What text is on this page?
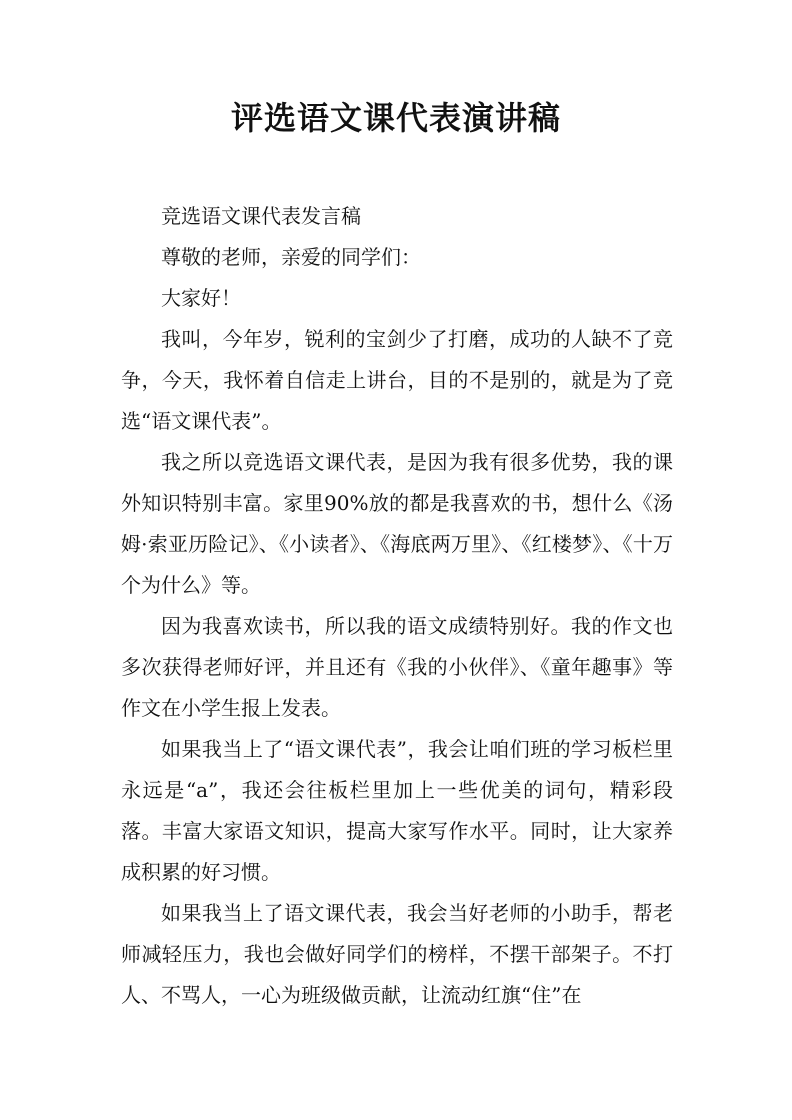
评选语文课代表演讲稿

竞选语文课代表发言稿

尊敬的老师，亲爱的同学们：

大家好！

我叫，今年岁，锐利的宝剑少了打磨，成功的人缺不了竞争，今天，我怀着自信走上讲台，目的不是别的，就是为了竞选“语文课代表”。

我之所以竞选语文课代表，是因为我有很多优势，我的课外知识特别丰富。家里90%放的都是我喜欢的书，想什么《汤姆·索亚历险记》、《小读者》、《海底两万里》、《红楼梦》、《十万个为什么》等。

因为我喜欢读书，所以我的语文成绩特别好。我的作文也多次获得老师好评，并且还有《我的小伙伴》、《童年趣事》等作文在小学生报上发表。

如果我当上了“语文课代表”，我会让咱们班的学习板栏里永远是“a”，我还会往板栏里加上一些优美的词句，精彩段落。丰富大家语文知识，提高大家写作水平。同时，让大家养成积累的好习惯。

如果我当上了语文课代表，我会当好老师的小助手，帮老师减轻压力，我也会做好同学们的榜样，不摆干部架子。不打人、不骂人，一心为班级做贡献，让流动红旗“住”在
